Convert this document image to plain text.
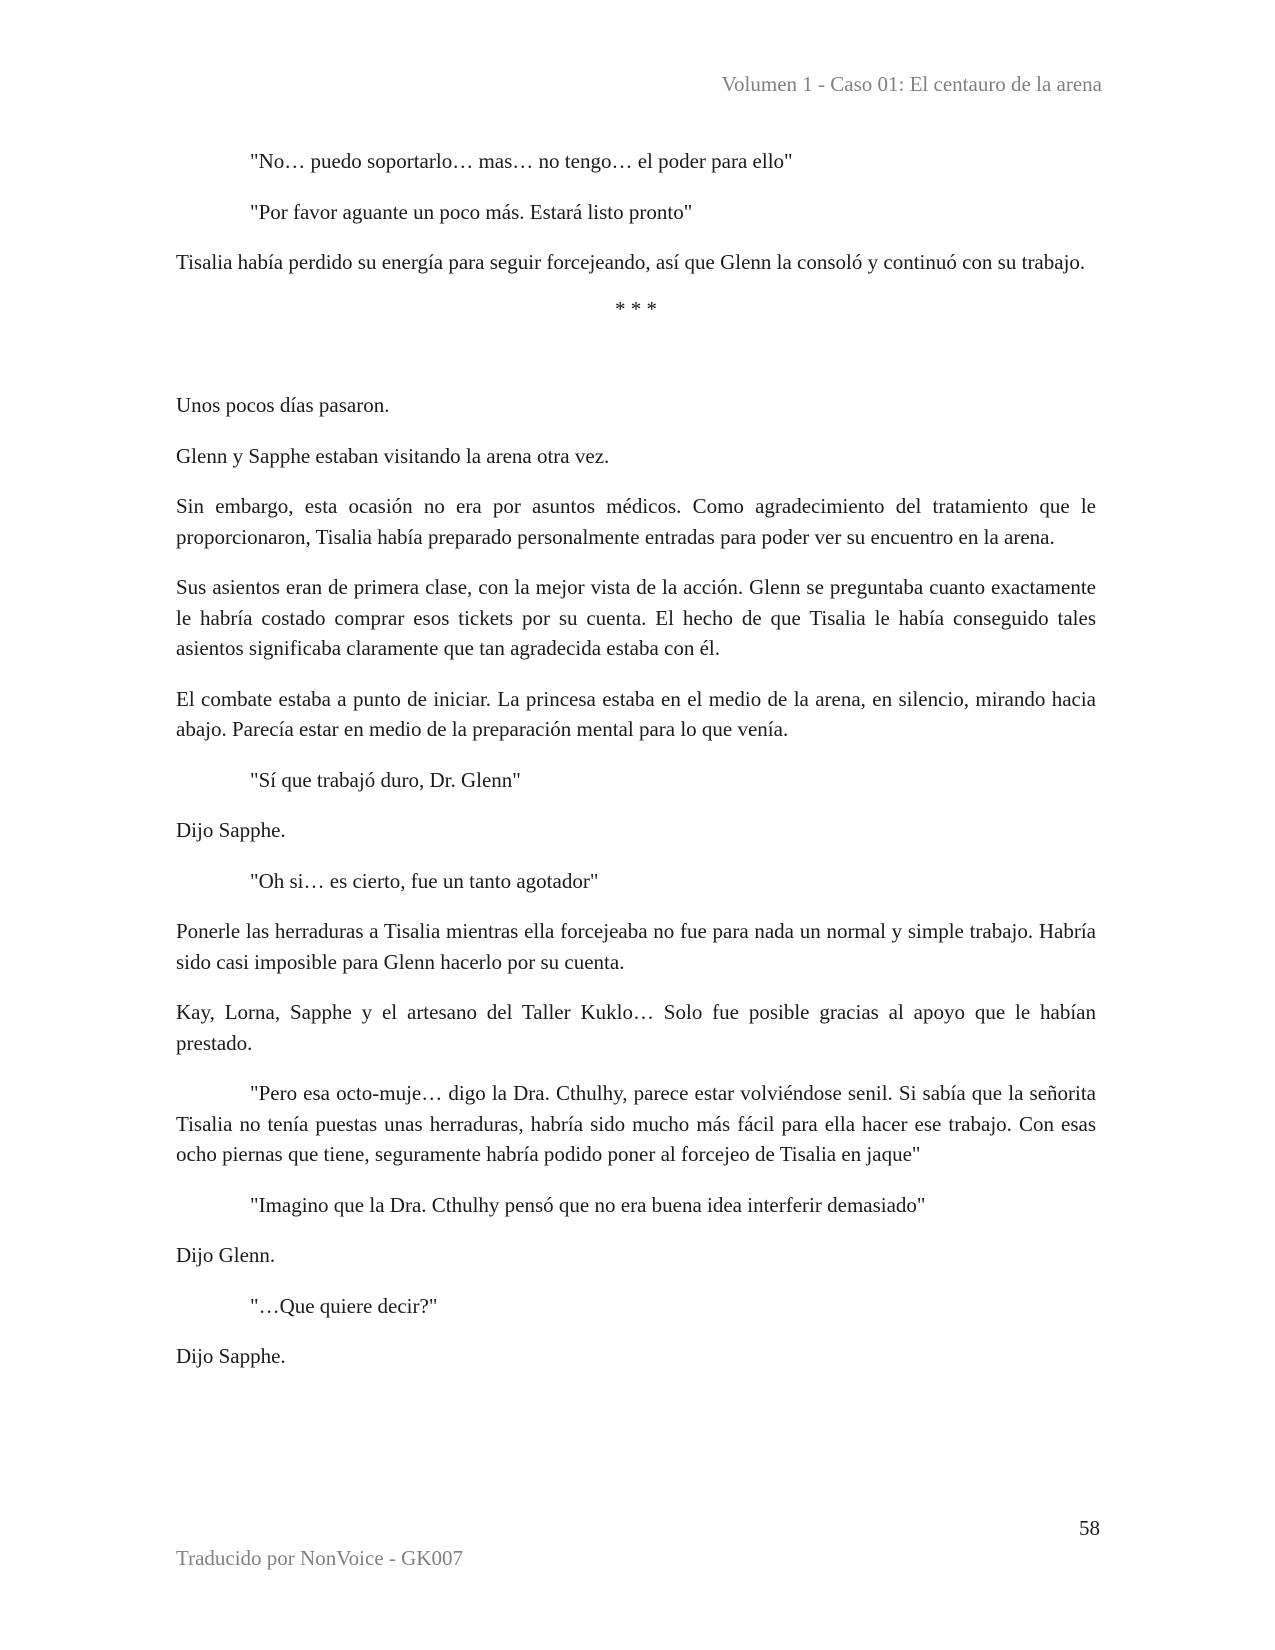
Volumen 1 - Caso 01: El centauro de la arena

"No… puedo soportarlo… mas… no tengo… el poder para ello"

"Por favor aguante un poco más. Estará listo pronto"

Tisalia había perdido su energía para seguir forcejeando, así que Glenn la consoló y continuó con su trabajo.

* * *

Unos pocos días pasaron.

Glenn y Sapphe estaban visitando la arena otra vez.

Sin embargo, esta ocasión no era por asuntos médicos. Como agradecimiento del tratamiento que le proporcionaron, Tisalia había preparado personalmente entradas para poder ver su encuentro en la arena.

Sus asientos eran de primera clase, con la mejor vista de la acción. Glenn se preguntaba cuanto exactamente le habría costado comprar esos tickets por su cuenta. El hecho de que Tisalia le había conseguido tales asientos significaba claramente que tan agradecida estaba con él.

El combate estaba a punto de iniciar. La princesa estaba en el medio de la arena, en silencio, mirando hacia abajo. Parecía estar en medio de la preparación mental para lo que venía.

"Sí que trabajó duro, Dr. Glenn"

Dijo Sapphe.

"Oh si… es cierto, fue un tanto agotador"

Ponerle las herraduras a Tisalia mientras ella forcejeaba no fue para nada un normal y simple trabajo. Habría sido casi imposible para Glenn hacerlo por su cuenta.

Kay, Lorna, Sapphe y el artesano del Taller Kuklo… Solo fue posible gracias al apoyo que le habían prestado.

"Pero esa octo-muje… digo la Dra. Cthulhy, parece estar volviéndose senil. Si sabía que la señorita Tisalia no tenía puestas unas herraduras, habría sido mucho más fácil para ella hacer ese trabajo. Con esas ocho piernas que tiene, seguramente habría podido poner al forcejeo de Tisalia en jaque"

"Imagino que la Dra. Cthulhy pensó que no era buena idea interferir demasiado"

Dijo Glenn.

"…Que quiere decir?"

Dijo Sapphe.

58
Traducido por NonVoice - GK007
